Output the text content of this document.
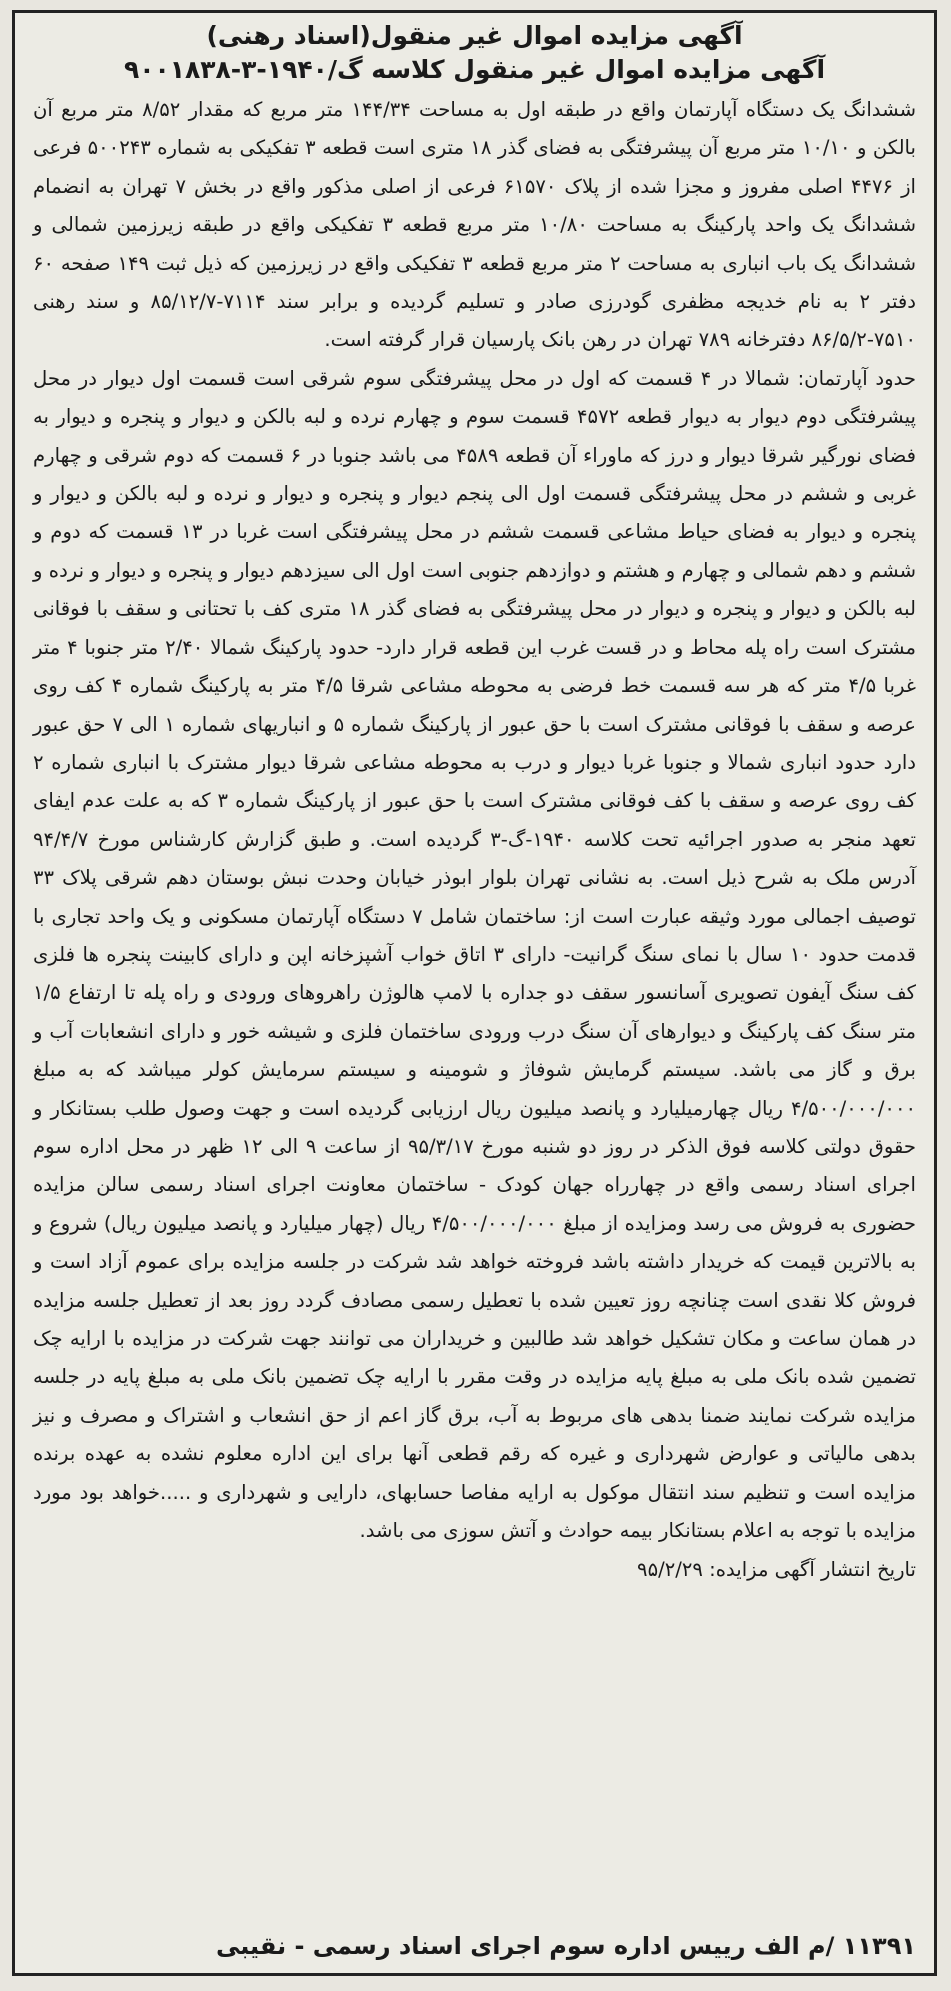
آگهی مزایده اموال غیر منقول(اسناد رهنی)
آگهی مزایده اموال غیر منقول کلاسه گ/۱۹۴۰-۳-۹۰۰۱۸۳۸

ششدانگ یک دستگاه آپارتمان واقع در طبقه اول به مساحت ۱۴۴/۳۴ متر مربع که مقدار ۸/۵۲ متر مربع آن بالکن و ۱۰/۱۰ متر مربع آن پیشرفتگی به فضای گذر ۱۸ متری است قطعه ۳ تفکیکی به شماره ۵۰۰۲۴۳ فرعی از ۴۴۷۶ اصلی مفروز و مجزا شده از پلاک ۶۱۵۷۰ فرعی از اصلی مذکور واقع در بخش ۷ تهران به انضمام ششدانگ یک واحد پارکینگ به مساحت ۱۰/۸۰ متر مربع قطعه ۳ تفکیکی واقع در طبقه زیرزمین شمالی و ششدانگ یک باب انباری به مساحت ۲ متر مربع قطعه ۳ تفکیکی واقع در زیرزمین که ذیل ثبت ۱۴۹ صفحه ۶۰ دفتر ۲ به نام خدیجه مظفری گودرزی صادر و تسلیم گردیده و برابر سند ۷۱۱۴-۸۵/۱۲/۷ و سند رهنی ۷۵۱۰-۸۶/۵/۲ دفترخانه ۷۸۹ تهران در رهن بانک پارسیان قرار گرفته است.

حدود آپارتمان: شمالا در ۴ قسمت که اول در محل پیشرفتگی سوم شرقی است قسمت اول دیوار در محل پیشرفتگی دوم دیوار به دیوار قطعه ۴۵۷۲ قسمت سوم و چهارم نرده و لبه بالکن و دیوار و پنجره و دیوار به فضای نورگیر شرقا دیوار و درز که ماوراء آن قطعه ۴۵۸۹ می باشد جنوبا در ۶ قسمت که دوم شرقی و چهارم غربی و ششم در محل پیشرفتگی قسمت اول الی پنجم دیوار و پنجره و دیوار و نرده و لبه بالکن و دیوار و پنجره و دیوار به فضای حیاط مشاعی قسمت ششم در محل پیشرفتگی است غربا در ۱۳ قسمت که دوم و ششم و دهم شمالی و چهارم و هشتم و دوازدهم جنوبی است اول الی سیزدهم دیوار و پنجره و دیوار و نرده و لبه بالکن و دیوار و پنجره و دیوار در محل پیشرفتگی به فضای گذر ۱۸ متری کف با تحتانی و سقف با فوقانی مشترک است راه پله محاط و در قست غرب این قطعه قرار دارد- حدود پارکینگ شمالا ۲/۴۰ متر جنوبا ۴ متر غربا ۴/۵ متر که هر سه قسمت خط فرضی به محوطه مشاعی شرقا ۴/۵ متر به پارکینگ شماره ۴ کف روی عرصه و سقف با فوقانی مشترک است با حق عبور از پارکینگ شماره ۵ و انباریهای شماره ۱ الی ۷ حق عبور دارد حدود انباری شمالا و جنوبا غربا دیوار و درب به محوطه مشاعی شرقا دیوار مشترک با انباری شماره ۲ کف روی عرصه و سقف با کف فوقانی مشترک است با حق عبور از پارکینگ شماره ۳ که به علت عدم ایفای تعهد منجر به صدور اجرائیه تحت کلاسه ۱۹۴۰-گ-۳ گردیده است. و طبق گزارش کارشناس مورخ ۹۴/۴/۷ آدرس ملک به شرح ذیل است. به نشانی تهران بلوار ابوذر خیابان وحدت نبش بوستان دهم شرقی پلاک ۳۳ توصیف اجمالی مورد وثیقه عبارت است از: ساختمان شامل ۷ دستگاه آپارتمان مسکونی و یک واحد تجاری با قدمت حدود ۱۰ سال با نمای سنگ گرانیت- دارای ۳ اتاق خواب آشپزخانه اپن و دارای کابینت پنجره ها فلزی کف سنگ آیفون تصویری آسانسور سقف دو جداره با لامپ هالوژن راهروهای ورودی و راه پله تا ارتفاع ۱/۵ متر سنگ کف پارکینگ و دیوارهای آن سنگ درب ورودی ساختمان فلزی و شیشه خور و دارای انشعابات آب و برق و گاز می باشد. سیستم گرمایش شوفاژ و شومینه و سیستم سرمایش کولر میباشد که به مبلغ ۴/۵۰۰/۰۰۰/۰۰۰ ریال چهارمیلیارد و پانصد میلیون ریال ارزیابی گردیده است و جهت وصول طلب بستانکار و حقوق دولتی کلاسه فوق الذکر در روز دو شنبه مورخ ۹۵/۳/۱۷ از ساعت ۹ الی ۱۲ ظهر در محل اداره سوم اجرای اسناد رسمی واقع در چهارراه جهان کودک - ساختمان معاونت اجرای اسناد رسمی سالن مزایده حضوری به فروش می رسد ومزایده از مبلغ ۴/۵۰۰/۰۰۰/۰۰۰ ریال (چهار میلیارد و پانصد میلیون ریال) شروع و به بالاترین قیمت که خریدار داشته باشد فروخته خواهد شد شرکت در جلسه مزایده برای عموم آزاد است و فروش کلا نقدی است چنانچه روز تعیین شده با تعطیل رسمی مصادف گردد روز بعد از تعطیل جلسه مزایده در همان ساعت و مکان تشکیل خواهد شد طالبین و خریداران می توانند جهت شرکت در مزایده با ارایه چک تضمین شده بانک ملی به مبلغ پایه مزایده در وقت مقرر با ارایه چک تضمین بانک ملی به مبلغ پایه در جلسه مزایده شرکت نمایند ضمنا بدهی های مربوط به آب، برق گاز اعم از حق انشعاب و اشتراک و مصرف و نیز بدهی مالیاتی و عوارض شهرداری و غیره که رقم قطعی آنها برای این اداره معلوم نشده به عهده برنده مزایده است و تنظیم سند انتقال موکول به ارایه مفاصا حسابهای، دارایی و شهرداری و .....خواهد بود مورد مزایده با توجه به اعلام بستانکار بیمه حوادث و آتش سوزی می باشد.

تاریخ انتشار آگهی مزایده: ۹۵/۲/۲۹
۱۱۳۹۱ /م الف رییس اداره سوم اجرای اسناد رسمی - نقیبی
